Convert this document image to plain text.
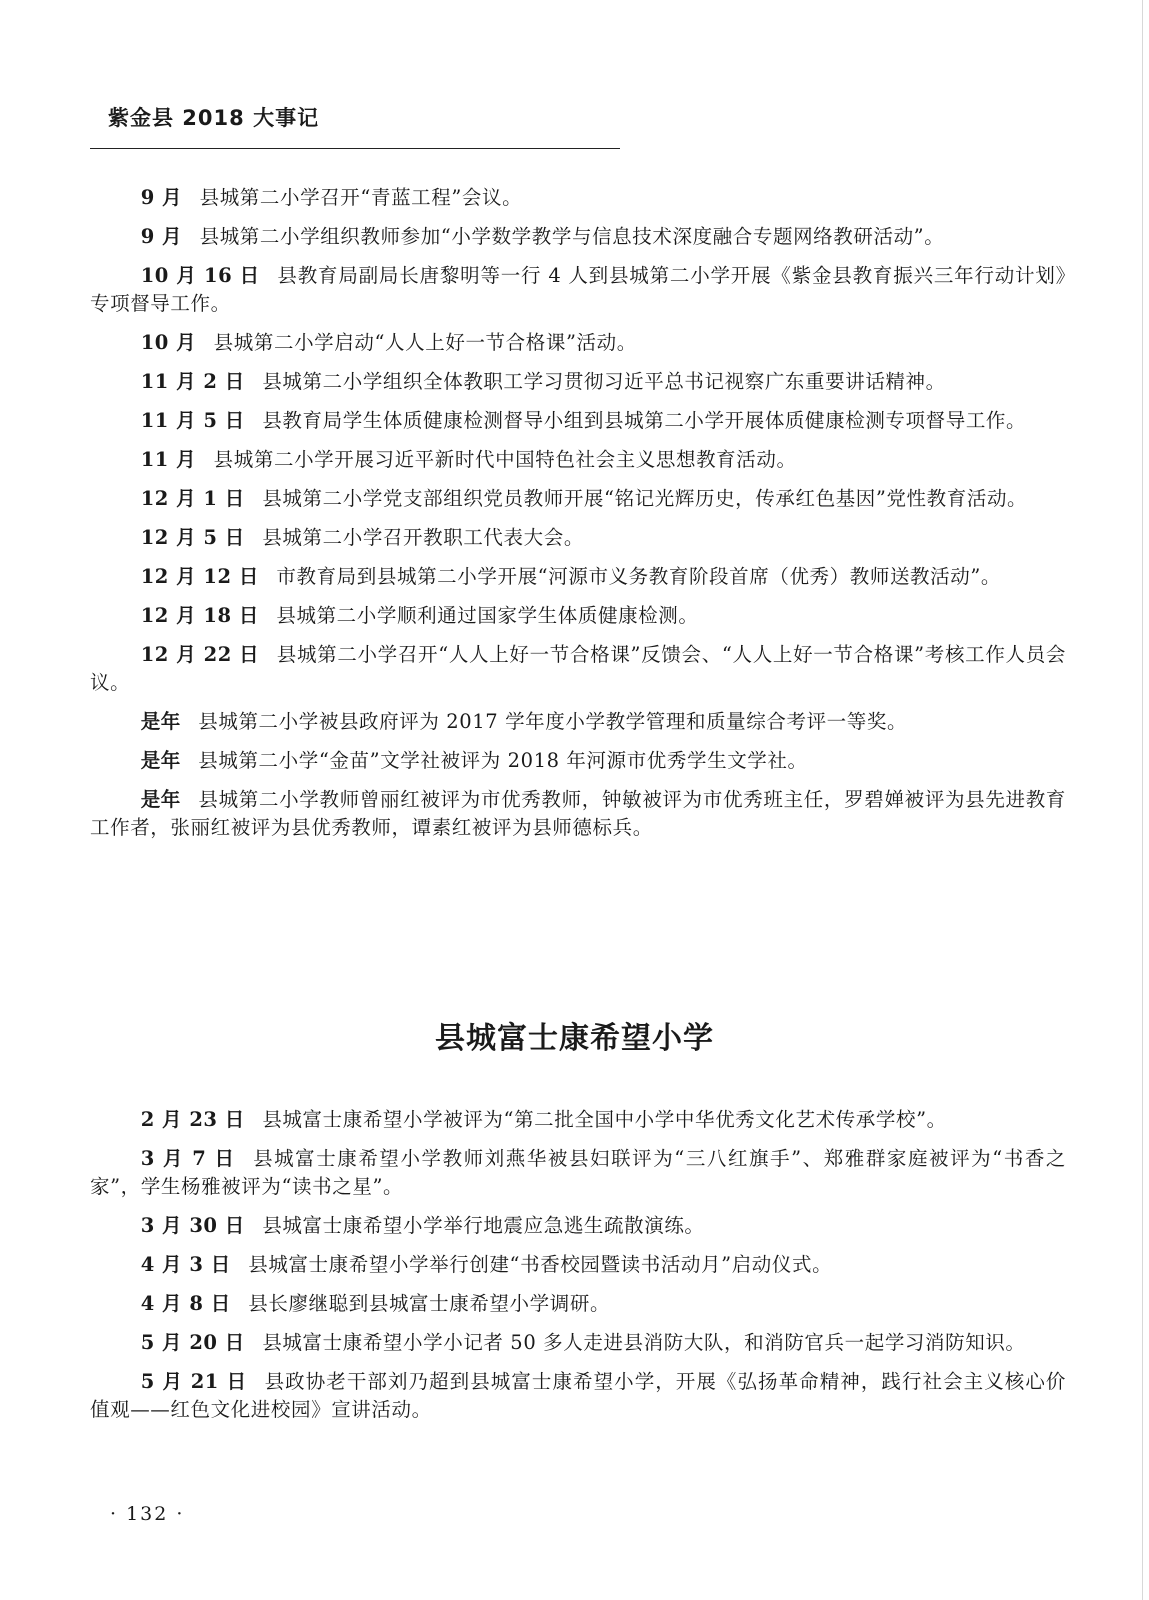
紫金县 2018 大事记

9 月 县城第二小学召开“青蓝工程”会议。

9 月 县城第二小学组织教师参加“小学数学教学与信息技术深度融合专题网络教研活动”。

10 月 16 日 县教育局副局长唐黎明等一行 4 人到县城第二小学开展《紫金县教育振兴三年行动计划》专项督导工作。

10 月 县城第二小学启动“人人上好一节合格课”活动。

11 月 2 日 县城第二小学组织全体教职工学习贯彻习近平总书记视察广东重要讲话精神。

11 月 5 日 县教育局学生体质健康检测督导小组到县城第二小学开展体质健康检测专项督导工作。

11 月 县城第二小学开展习近平新时代中国特色社会主义思想教育活动。

12 月 1 日 县城第二小学党支部组织党员教师开展“铭记光辉历史，传承红色基因”党性教育活动。

12 月 5 日 县城第二小学召开教职工代表大会。

12 月 12 日 市教育局到县城第二小学开展“河源市义务教育阶段首席（优秀）教师送教活动”。

12 月 18 日 县城第二小学顺利通过国家学生体质健康检测。

12 月 22 日 县城第二小学召开“人人上好一节合格课”反馈会、“人人上好一节合格课”考核工作人员会议。

是年 县城第二小学被县政府评为 2017 学年度小学教学管理和质量综合考评一等奖。

是年 县城第二小学“金苗”文学社被评为 2018 年河源市优秀学生文学社。

是年 县城第二小学教师曾丽红被评为市优秀教师，钟敏被评为市优秀班主任，罗碧婵被评为县先进教育工作者，张丽红被评为县优秀教师，谭素红被评为县师德标兵。

县城富士康希望小学

2 月 23 日 县城富士康希望小学被评为“第二批全国中小学中华优秀文化艺术传承学校”。

3 月 7 日 县城富士康希望小学教师刘燕华被县妇联评为“三八红旗手”、郑雅群家庭被评为“书香之家”，学生杨雅被评为“读书之星”。

3 月 30 日 县城富士康希望小学举行地震应急逃生疏散演练。

4 月 3 日 县城富士康希望小学举行创建“书香校园暨读书活动月”启动仪式。

4 月 8 日 县长廖继聪到县城富士康希望小学调研。

5 月 20 日 县城富士康希望小学小记者 50 多人走进县消防大队，和消防官兵一起学习消防知识。

5 月 21 日 县政协老干部刘乃超到县城富士康希望小学，开展《弘扬革命精神，践行社会主义核心价值观——红色文化进校园》宣讲活动。

· 132 ·
